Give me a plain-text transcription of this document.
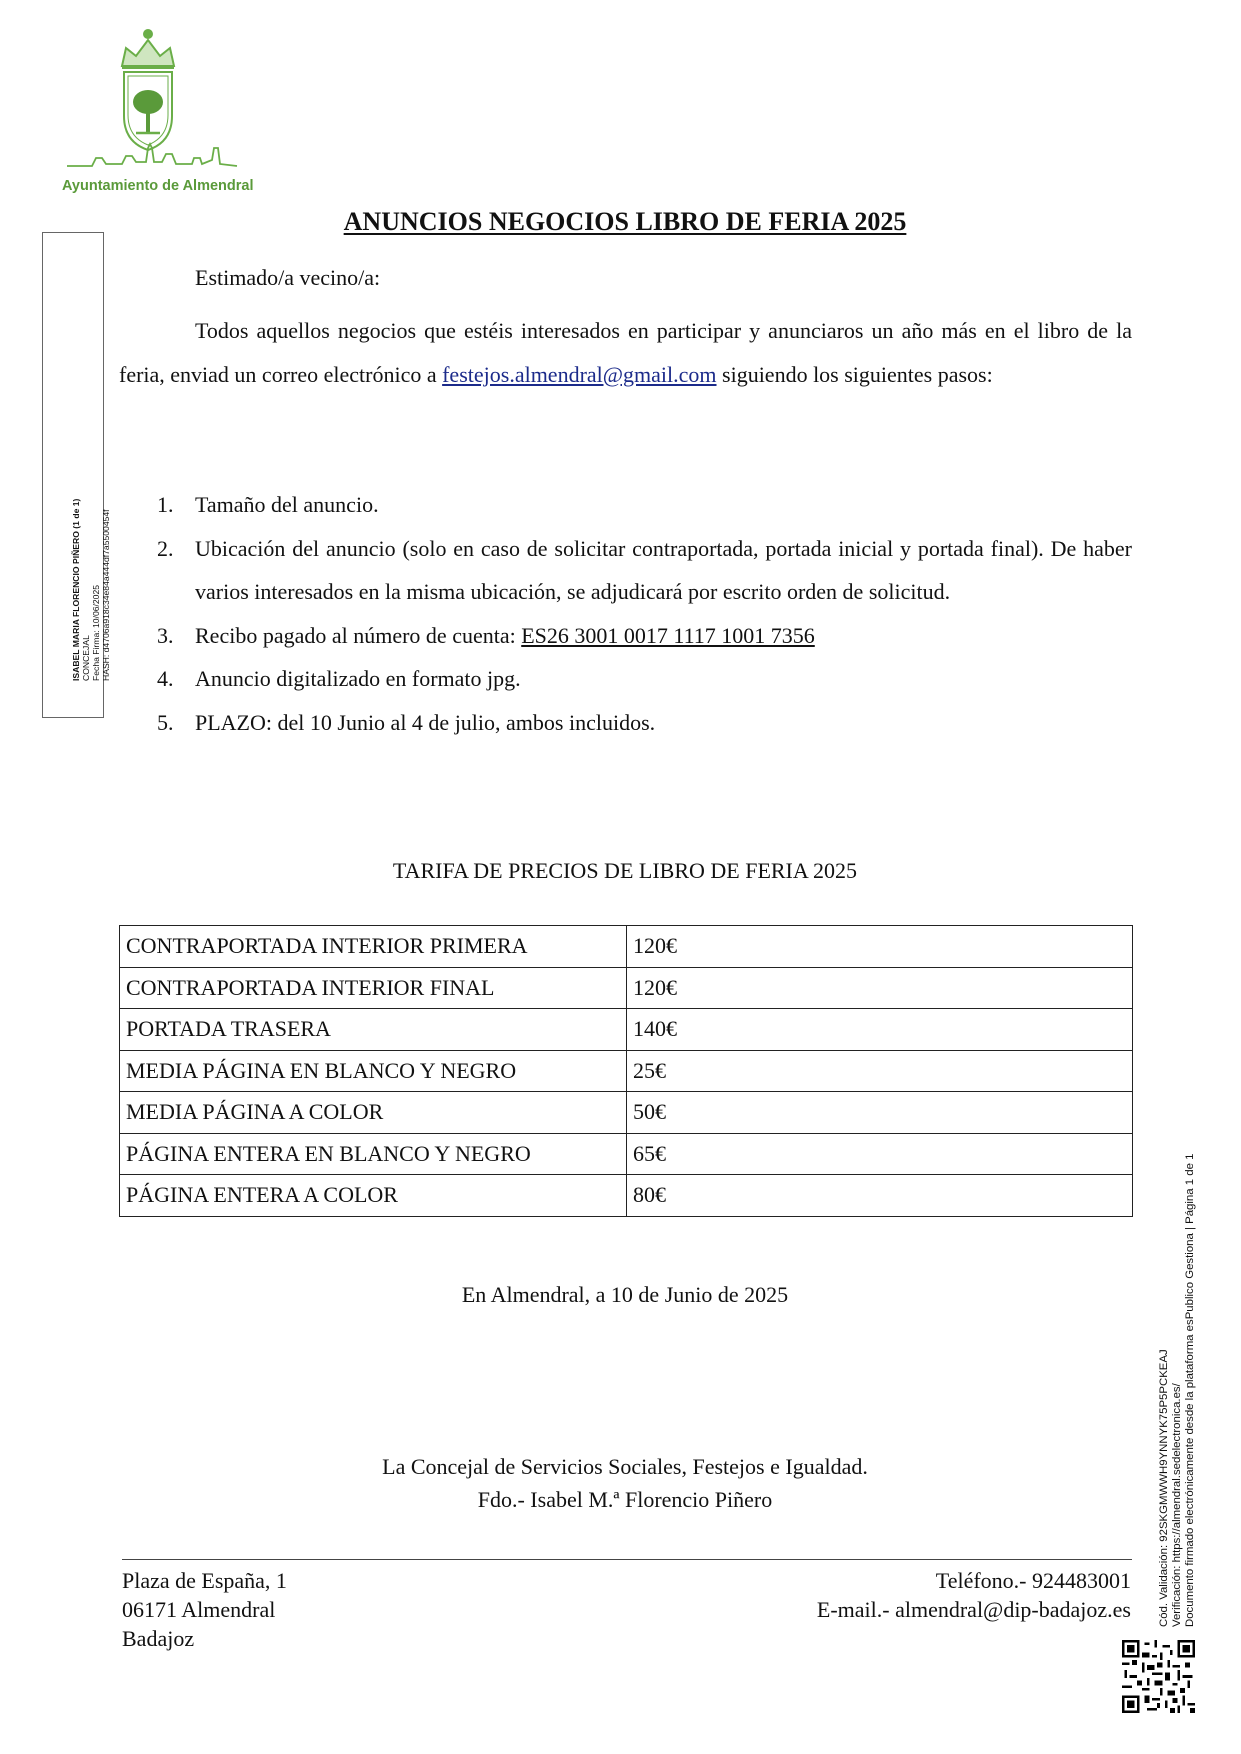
Ayuntamiento de Almendral
ISABEL MARIA FLORENCIO PIÑERO (1 de 1) CONCEJAL Fecha Firma: 10/06/2025 HASH: d4706a918c34e84a444df7a5500454f
ANUNCIOS NEGOCIOS LIBRO DE FERIA 2025
Estimado/a vecino/a:
Todos aquellos negocios que estéis interesados en participar y anunciaros un año más en el libro de la feria, enviad un correo electrónico a festejos.almendral@gmail.com siguiendo los siguientes pasos:
1. Tamaño del anuncio.
2. Ubicación del anuncio (solo en caso de solicitar contraportada, portada inicial y portada final). De haber varios interesados en la misma ubicación, se adjudicará por escrito orden de solicitud.
3. Recibo pagado al número de cuenta: ES26 3001 0017 1117 1001 7356
4. Anuncio digitalizado en formato jpg.
5. PLAZO: del 10 Junio al 4 de julio, ambos incluidos.
TARIFA DE PRECIOS DE LIBRO DE FERIA 2025
CONTRAPORTADA INTERIOR PRIMERA	120€
CONTRAPORTADA INTERIOR FINAL	120€
PORTADA TRASERA	140€
MEDIA PÁGINA EN BLANCO Y NEGRO	25€
MEDIA PÁGINA A COLOR	50€
PÁGINA ENTERA EN BLANCO Y NEGRO	65€
PÁGINA ENTERA A COLOR	80€
En Almendral, a 10 de Junio de 2025
La Concejal de Servicios Sociales, Festejos e Igualdad.
Fdo.- Isabel M.ª Florencio Piñero
Plaza de España, 1
06171 Almendral
Badajoz
Teléfono.- 924483001
E-mail.- almendral@dip-badajoz.es Cód. Validación: 92SKGMWWH9YNNYK75P5PCKEAJ Verificación: https://almendral.sedelectronica.es/ Documento firmado electrónicamente desde la plataforma esPublico Gestiona | Página 1 de 1
